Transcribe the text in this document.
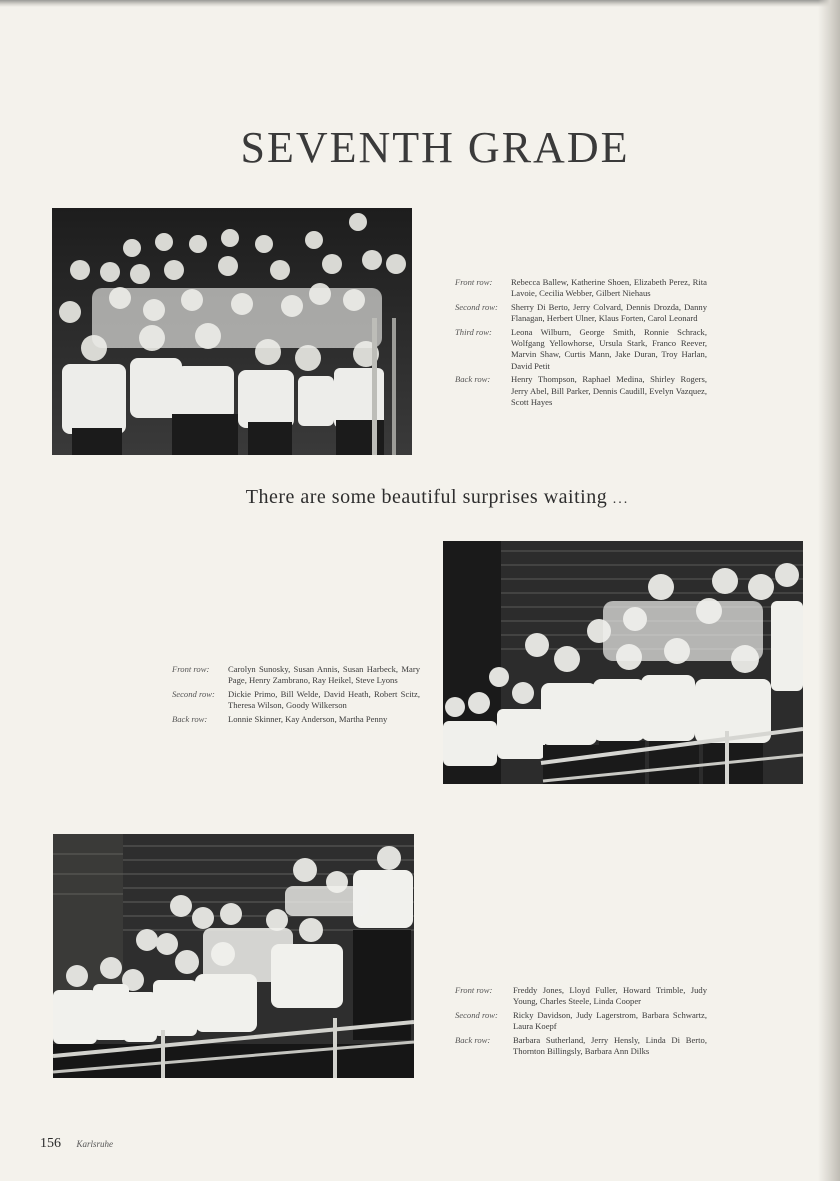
SEVENTH GRADE
Front row:	Rebecca Ballew, Katherine Shoen, Elizabeth Perez, Rita Lavoie, Cecilia Webber, Gilbert Niehaus
Second row:	Sherry Di Berto, Jerry Colvard, Dennis Drozda, Danny Flanagan, Herbert Ulner, Klaus Forten, Carol Leonard
Third row:	Leona Wilburn, George Smith, Ronnie Schrack, Wolfgang Yellowhorse, Ursula Stark, Franco Reever, Marvin Shaw, Curtis Mann, Jake Duran, Troy Harlan, David Petit
Back row:	Henry Thompson, Raphael Medina, Shirley Rogers, Jerry Abel, Bill Parker, Dennis Caudill, Evelyn Vazquez, Scott Hayes
There are some beautiful surprises waiting ...
Front row:	Carolyn Sunosky, Susan Annis, Susan Harbeck, Mary Page, Henry Zambrano, Ray Heikel, Steve Lyons
Second row:	Dickie Primo, Bill Welde, David Heath, Robert Scitz, Theresa Wilson, Goody Wilkerson
Back row:	Lonnie Skinner, Kay Anderson, Martha Penny
Front row:	Freddy Jones, Lloyd Fuller, Howard Trimble, Judy Young, Charles Steele, Linda Cooper
Second row:	Ricky Davidson, Judy Lagerstrom, Barbara Schwartz, Laura Koepf
Back row:	Barbara Sutherland, Jerry Hensly, Linda Di Berto, Thornton Billingsly, Barbara Ann Dilks
156 Karlsruhe
